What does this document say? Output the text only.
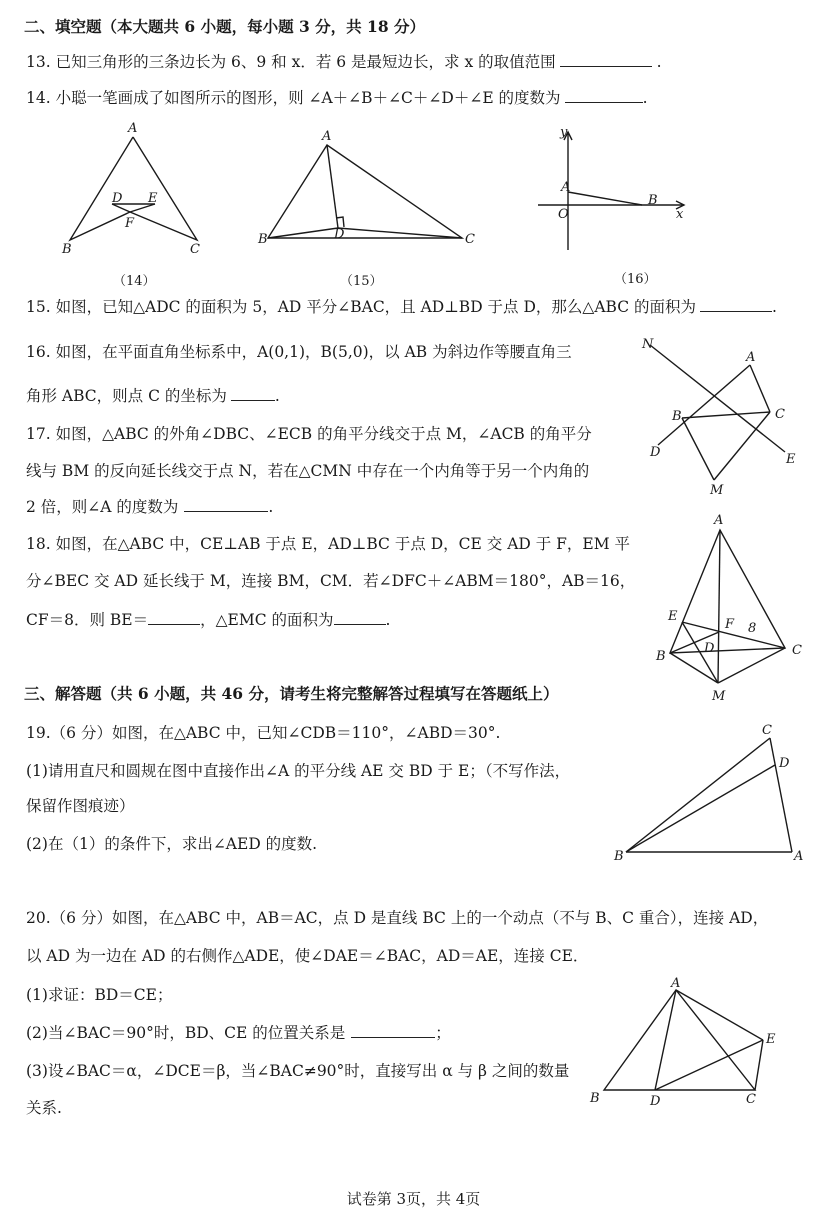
二、填空题（本大题共 6 小题，每小题 3 分，共 18 分）
13. 已知三角形的三条边长为 6、9 和 x．若 6 是最短边长，求 x 的取值范围	.
14. 小聪一笔画成了如图所示的图形，则 ∠A＋∠B＋∠C＋∠D＋∠E 的度数为	.
A
B	C
D E
F
A
B	C
D
y
A
O
B
x
（14）	（15）	（16）
15. 如图，已知△ADC 的面积为 5，AD 平分∠BAC，且 AD⊥BD 于点 D，那么△ABC 的面积为	.
16. 如图，在平面直角坐标系中，A(0,1)，B(5,0)，以 AB 为斜边作等腰直角三
角形 ABC，则点 C 的坐标为	.
17. 如图，△ABC 的外角∠DBC、∠ECB 的角平分线交于点 M，∠ACB 的角平分
线与 BM 的反向延长线交于点 N，若在△CMN 中存在一个内角等于另一个内角的
2 倍，则∠A 的度数为	.
18. 如图，在△ABC 中，CE⊥AB 于点 E，AD⊥BC 于点 D，CE 交 AD 于 F，EM 平
分∠BEC 交 AD 延长线于 M，连接 BM，CM．若∠DFC＋∠ABM＝180°，AB＝16，
CF＝8．则 BE＝	，△EMC 的面积为	.
N
A
B	C
D	E
M
A
E
F 8
D
B	C
M
三、解答题（共 6 小题，共 46 分，请考生将完整解答过程填写在答题纸上）
19.（6 分）如图，在△ABC 中，已知∠CDB＝110°，∠ABD＝30°.
(1)请用直尺和圆规在图中直接作出∠A 的平分线 AE 交 BD 于 E；（不写作法，
保留作图痕迹）
(2)在（1）的条件下，求出∠AED 的度数.
20.（6 分）如图，在△ABC 中，AB＝AC，点 D 是直线 BC 上的一个动点（不与 B、C 重合），连接 AD，
以 AD 为一边在 AD 的右侧作△ADE，使∠DAE＝∠BAC，AD＝AE，连接 CE．
(1)求证：BD＝CE；
(2)当∠BAC＝90°时，BD、CE 的位置关系是	；
(3)设∠BAC＝α，∠DCE＝β，当∠BAC≠90°时，直接写出 α 与 β 之间的数量
关系.
C
D
B	A
A
E
B	D	C
试卷第 3页，共 4页
